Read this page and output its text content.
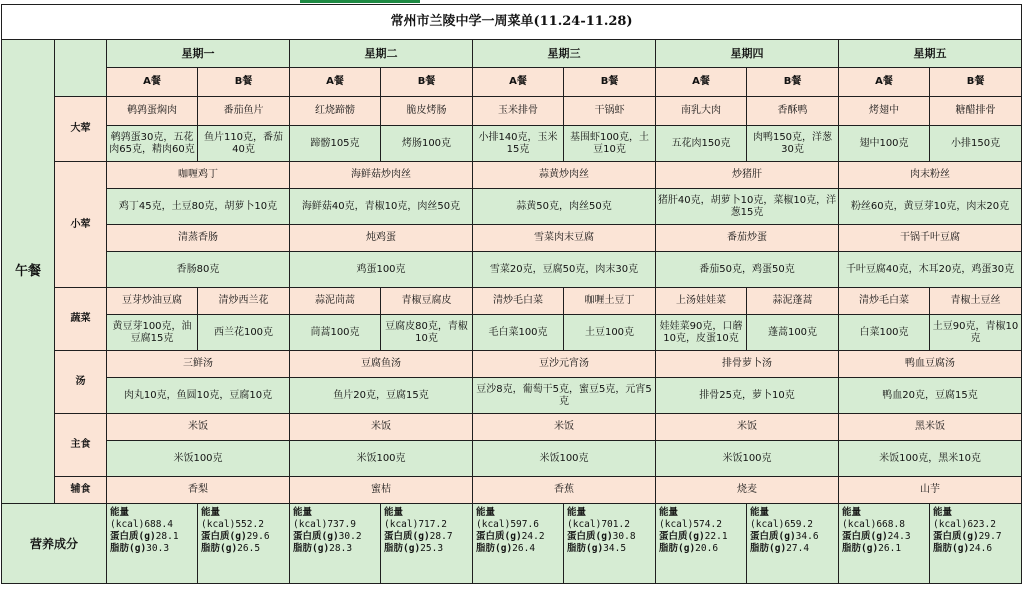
常州市兰陵中学一周菜单(11.24-11.28)											
午餐		星期一		星期二		星期三		星期四		星期五	
		A餐	B餐	A餐	B餐	A餐	B餐	A餐	B餐	A餐	B餐
	大荤	鹌鹑蛋焖肉	番茄鱼片	红烧蹄髈	脆皮烤肠	玉米排骨	干锅虾	南乳大肉	香酥鸭	烤翅中	糖醋排骨
		鹌鹑蛋30克，五花肉65克，精肉60克	鱼片110克，番茄40克	蹄髈105克	烤肠100克	小排140克，玉米15克	基围虾100克，土豆10克	五花肉150克	肉鸭150克，洋葱30克	翅中100克	小排150克
	小荤	咖喱鸡丁		海鲜菇炒肉丝		蒜黄炒肉丝		炒猪肝		肉末粉丝	
		鸡丁45克，土豆80克，胡萝卜10克		海鲜菇40克，青椒10克，肉丝50克		蒜黄50克，肉丝50克		猪肝40克，胡萝卜10克，菜椒10克，洋葱15克		粉丝60克，黄豆芽10克，肉末20克	
		清蒸香肠		炖鸡蛋		雪菜肉末豆腐		番茄炒蛋		干锅千叶豆腐	
		香肠80克		鸡蛋100克		雪菜20克，豆腐50克，肉末30克		番茄50克，鸡蛋50克		千叶豆腐40克，木耳20克，鸡蛋30克	
	蔬菜	豆芽炒油豆腐	清炒西兰花	蒜泥茼蒿	青椒豆腐皮	清炒毛白菜	咖喱土豆丁	上汤娃娃菜	蒜泥蓬蒿	清炒毛白菜	青椒土豆丝
		黄豆芽100克，油豆腐15克	西兰花100克	茼蒿100克	豆腐皮80克，青椒10克	毛白菜100克	土豆100克	娃娃菜90克，口蘑10克，皮蛋10克	蓬蒿100克	白菜100克	土豆90克，青椒10克
	汤	三鲜汤		豆腐鱼汤		豆沙元宵汤		排骨萝卜汤		鸭血豆腐汤	
		肉丸10克，鱼圆10克，豆腐10克		鱼片20克，豆腐15克		豆沙8克，葡萄干5克，蜜豆5克，元宵5克		排骨25克，萝卜10克		鸭血20克，豆腐15克	
	主食	米饭		米饭		米饭		米饭		黑米饭	
		米饭100克		米饭100克		米饭100克		米饭100克		米饭100克，黑米10克	
	辅食	香梨		蜜桔		香蕉		烧麦		山芋	
营养成分		能量
(kcal)688.4
蛋白质(g)28.1
脂肪(g)30.3	能量
(kcal)552.2
蛋白质(g)29.6
脂肪(g)26.5	能量
(kcal)737.9
蛋白质(g)30.2
脂肪(g)28.3	能量
(kcal)717.2
蛋白质(g)28.7
脂肪(g)25.3	能量
(kcal)597.6
蛋白质(g)24.2
脂肪(g)26.4	能量
(kcal)701.2
蛋白质(g)30.8
脂肪(g)34.5	能量
(kcal)574.2
蛋白质(g)22.1
脂肪(g)20.6	能量
(kcal)659.2
蛋白质(g)34.6
脂肪(g)27.4	能量
(kcal)668.8
蛋白质(g)24.3
脂肪(g)26.1	能量
(kcal)623.2
蛋白质(g)29.7
脂肪(g)24.6
